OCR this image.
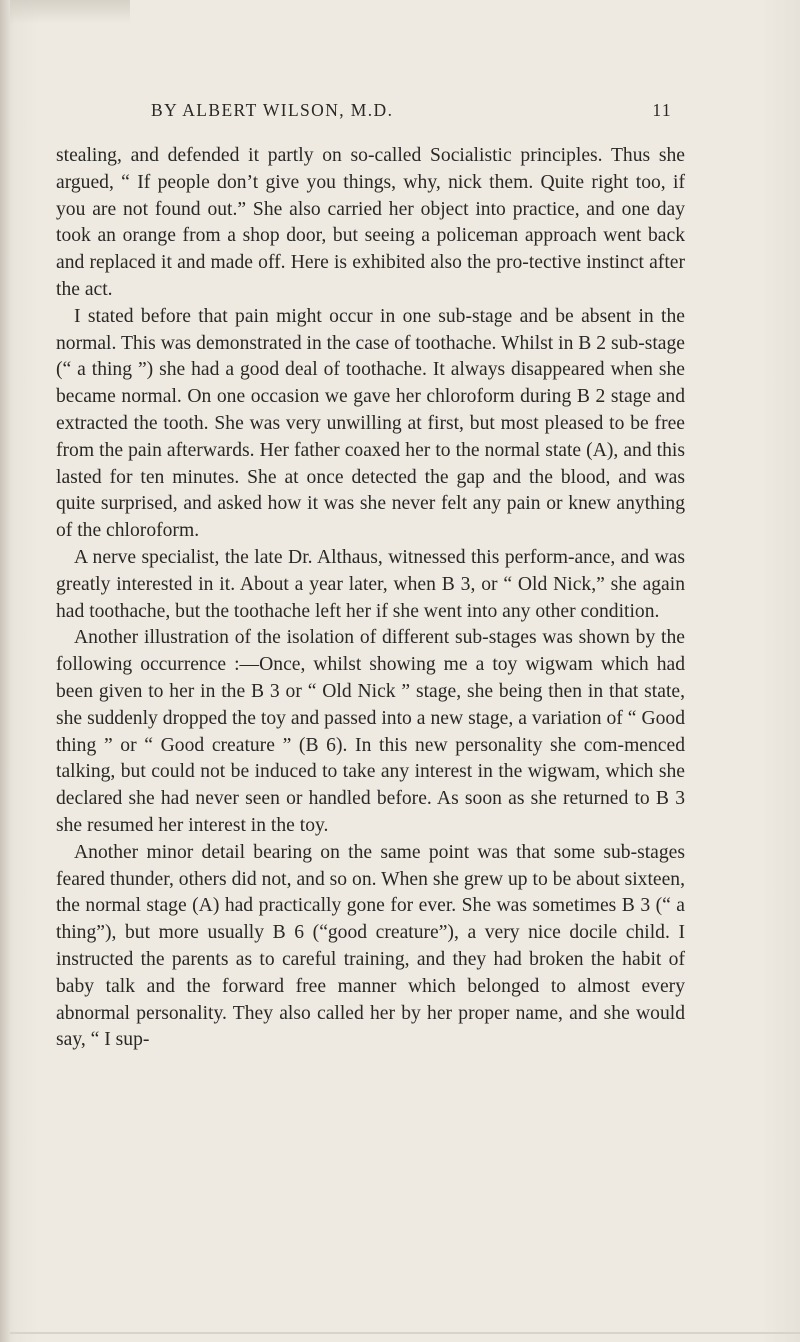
BY ALBERT WILSON, M.D.	11

stealing, and defended it partly on so-called Socialistic principles. Thus she argued, “ If people don’t give you things, why, nick them. Quite right too, if you are not found out.” She also carried her object into practice, and one day took an orange from a shop door, but seeing a policeman approach went back and replaced it and made off. Here is exhibited also the pro-tective instinct after the act.

I stated before that pain might occur in one sub-stage and be absent in the normal. This was demonstrated in the case of toothache. Whilst in B 2 sub-stage (“ a thing ”) she had a good deal of toothache. It always disappeared when she became normal. On one occasion we gave her chloroform during B 2 stage and extracted the tooth. She was very unwilling at first, but most pleased to be free from the pain afterwards. Her father coaxed her to the normal state (A), and this lasted for ten minutes. She at once detected the gap and the blood, and was quite surprised, and asked how it was she never felt any pain or knew anything of the chloroform.

A nerve specialist, the late Dr. Althaus, witnessed this perform-ance, and was greatly interested in it. About a year later, when B 3, or “ Old Nick,” she again had toothache, but the toothache left her if she went into any other condition.

Another illustration of the isolation of different sub-stages was shown by the following occurrence :—Once, whilst showing me a toy wigwam which had been given to her in the B 3 or “ Old Nick ” stage, she being then in that state, she suddenly dropped the toy and passed into a new stage, a variation of “ Good thing ” or “ Good creature ” (B 6). In this new personality she com-menced talking, but could not be induced to take any interest in the wigwam, which she declared she had never seen or handled before. As soon as she returned to B 3 she resumed her interest in the toy.

Another minor detail bearing on the same point was that some sub-stages feared thunder, others did not, and so on. When she grew up to be about sixteen, the normal stage (A) had practically gone for ever. She was sometimes B 3 (“ a thing”), but more usually B 6 (“good creature”), a very nice docile child. I instructed the parents as to careful training, and they had broken the habit of baby talk and the forward free manner which belonged to almost every abnormal personality. They also called her by her proper name, and she would say, “ I sup-
